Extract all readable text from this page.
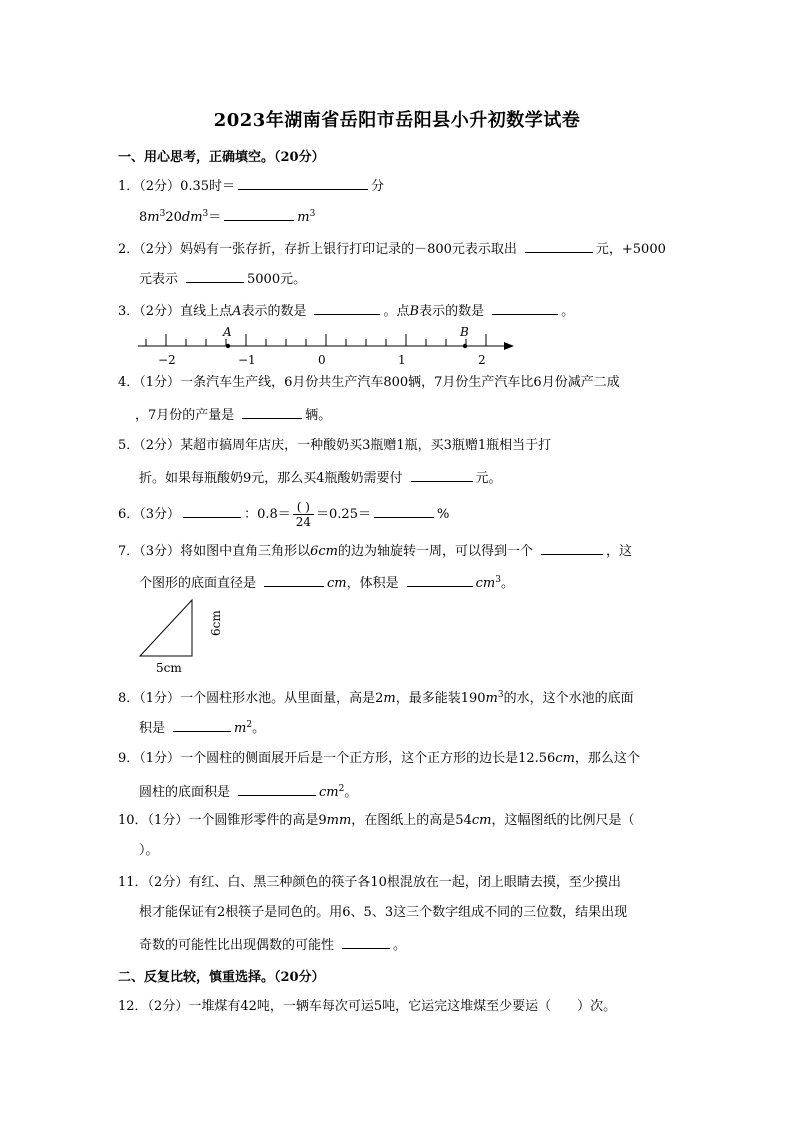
2023年湖南省岳阳市岳阳县小升初数学试卷
一、用心思考，正确填空。（20分）
1．（2分）0.35时＝	分
$8m^320dm^3=$	$m^3$
2．（2分）妈妈有一张存折，存折上银行打印记录的－800元表示取出	元，+5000
元表示	5000元。
3．（2分）直线上点A表示的数是	。点B表示的数是	。
A	B
−2	−1	0	1	2
4．（1分）一条汽车生产线，6月份共生产汽车800辆，7月份生产汽车比6月份减产二成
，7月份的产量是	辆。
5．（2分）某超市搞周年店庆，一种酸奶买3瓶赠1瓶，买3瓶赠1瓶相当于打
折。如果每瓶酸奶9元，那么买4瓶酸奶需要付	元。
6．（3分）	：$0.8= \frac{( )}{24} =0.25=$	%
7．（3分）将如图中直角三角形以6cm的边为轴旋转一周，可以得到一个	，这
个图形的底面直径是	cm，体积是	$cm^3$。
6cm
5cm
8．（1分）一个圆柱形水池。从里面量，高是2m，最多能装$190m^3$的水，这个水池的底面
积是	$m^2$。
9．（1分）一个圆柱的侧面展开后是一个正方形，这个正方形的边长是12.56cm，那么这个
圆柱的底面积是	$cm^2$。
10．（1分）一个圆锥形零件的高是9mm，在图纸上的高是54cm，这幅图纸的比例尺是（
）。
11．（2分）有红、白、黑三种颜色的筷子各10根混放在一起，闭上眼睛去摸，至少摸出
根才能保证有2根筷子是同色的。用6、5、3这三个数字组成不同的三位数，结果出现
奇数的可能性比出现偶数的可能性	。
二、反复比较，慎重选择。（20分）
12．（2分）一堆煤有42吨，一辆车每次可运5吨，它运完这堆煤至少要运（　　）次。
